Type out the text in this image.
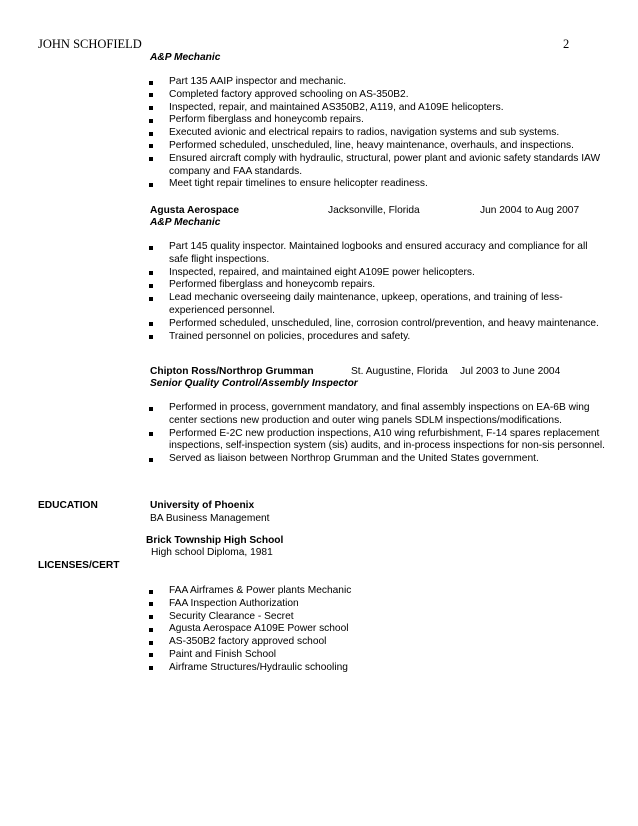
JOHN SCHOFIELD	2
A&P Mechanic
Part 135 AAIP inspector and mechanic.
Completed factory approved schooling on AS-350B2.
Inspected, repair, and maintained AS350B2, A119, and A109E helicopters.
Perform fiberglass and honeycomb repairs.
Executed avionic and electrical repairs to radios, navigation systems and sub systems.
Performed scheduled, unscheduled, line, heavy maintenance, overhauls, and inspections.
Ensured aircraft comply with hydraulic, structural, power plant and avionic safety standards IAW company and FAA standards.
Meet tight repair timelines to ensure helicopter readiness.
Agusta Aerospace	Jacksonville, Florida	Jun 2004 to Aug 2007
A&P Mechanic
Part 145 quality inspector. Maintained logbooks and ensured accuracy and compliance for all safe flight inspections.
Inspected, repaired, and maintained eight A109E power helicopters.
Performed fiberglass and honeycomb repairs.
Lead mechanic overseeing daily maintenance, upkeep, operations, and training of less-experienced personnel.
Performed scheduled, unscheduled, line, corrosion control/prevention, and heavy maintenance.
Trained personnel on policies, procedures and safety.
Chipton Ross/Northrop Grumman	St. Augustine, Florida Jul 2003 to June 2004
Senior Quality Control/Assembly Inspector
Performed in process, government mandatory, and final assembly inspections on EA-6B wing center sections new production and outer wing panels SDLM inspections/modifications.
Performed E-2C new production inspections, A10 wing refurbishment, F-14 spares replacement inspections, self-inspection system (sis) audits, and in-process inspections for non-sis personnel.
Served as liaison between Northrop Grumman and the United States government.
EDUCATION	University of Phoenix
BA Business Management
Brick Township High School
High school Diploma, 1981
LICENSES/CERT
FAA Airframes & Power plants Mechanic
FAA Inspection Authorization
Security Clearance - Secret
Agusta Aerospace A109E Power school
AS-350B2 factory approved school
Paint and Finish School
Airframe Structures/Hydraulic schooling
